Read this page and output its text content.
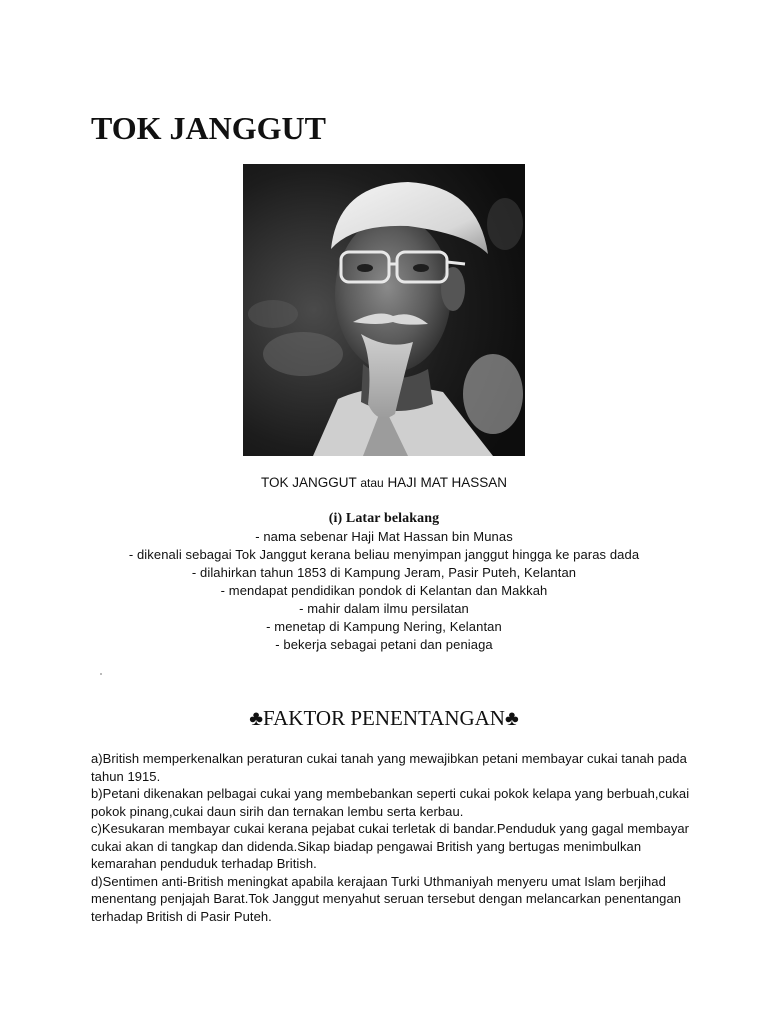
TOK JANGGUT
TOK JANGGUT atau HAJI MAT HASSAN
(i) Latar belakang
- nama sebenar Haji Mat Hassan bin Munas
- dikenali sebagai Tok Janggut kerana beliau menyimpan janggut hingga ke paras dada
- dilahirkan tahun 1853 di Kampung Jeram, Pasir Puteh, Kelantan
- mendapat pendidikan pondok di Kelantan dan Makkah
- mahir dalam ilmu persilatan
- menetap di Kampung Nering, Kelantan
- bekerja sebagai petani dan peniaga
♣FAKTOR PENENTANGAN♣

a)British memperkenalkan peraturan cukai tanah yang mewajibkan petani membayar cukai tanah pada tahun 1915.

b)Petani dikenakan pelbagai cukai yang membebankan seperti cukai pokok kelapa yang berbuah,cukai pokok pinang,cukai daun sirih dan ternakan lembu serta kerbau.

c)Kesukaran membayar cukai kerana pejabat cukai terletak di bandar.Penduduk yang gagal membayar cukai akan di tangkap dan didenda.Sikap biadap pengawai British yang bertugas menimbulkan kemarahan penduduk terhadap British.

d)Sentimen anti-British meningkat apabila kerajaan Turki Uthmaniyah menyeru umat Islam berjihad menentang penjajah Barat.Tok Janggut menyahut seruan tersebut dengan melancarkan penentangan terhadap British di Pasir Puteh.
